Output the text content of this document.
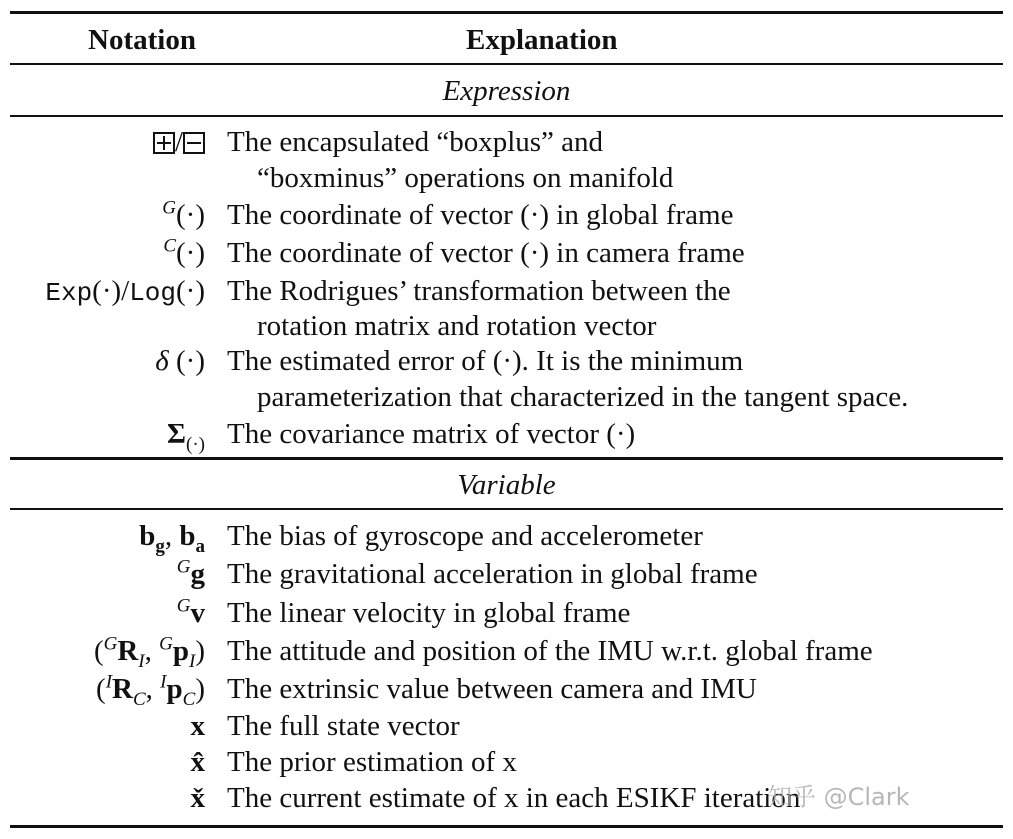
Notation	Explanation
Expression
/	The encapsulated “boxplus” and
“boxminus” operations on manifold
$^G$(·) The coordinate of vector (·) in global frame
$^C$(·) The coordinate of vector (·) in camera frame
Exp(·)/Log(·) The Rodrigues’ transformation between the
rotation matrix and rotation vector
δ (·) The estimated error of (·). It is the minimum
parameterization that characterized in the tangent space.
$\Sigma_{(\cdot)}$ The covariance matrix of vector (·)
Variable
$b_g$, $b_a$ The bias of gyroscope and accelerometer
$^G$g The gravitational acceleration in global frame
$^G$v The linear velocity in global frame
($^GR_I$, $^Gp_I$) The attitude and position of the IMU w.r.t. global frame
($^IR_C$, $^Ip_C$) The extrinsic value between camera and IMU
x The full state vector
x̂ The prior estimation of x
x̌ The current estimate of x in each ESIKF iteration
知乎 @Clark
